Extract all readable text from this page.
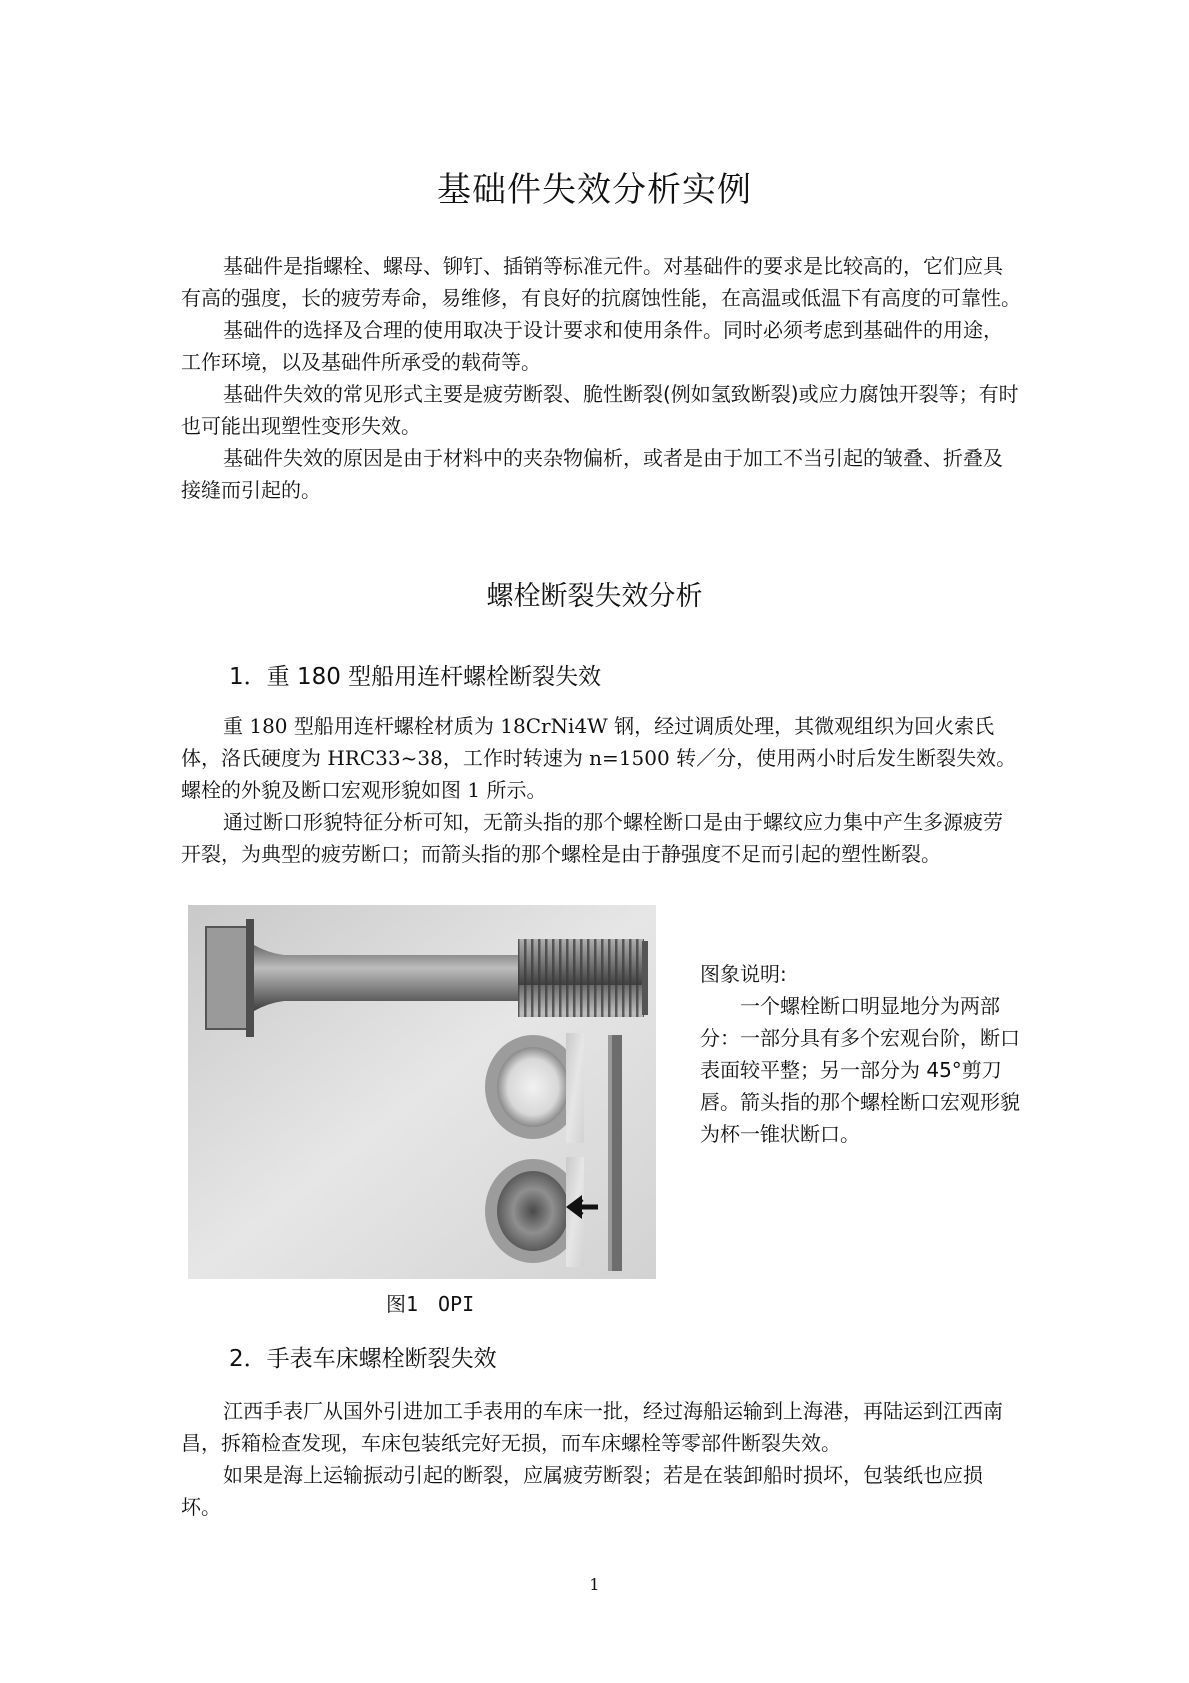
基础件失效分析实例

基础件是指螺栓、螺母、铆钉、插销等标准元件。对基础件的要求是比较高的，它们应具有高的强度，长的疲劳寿命，易维修，有良好的抗腐蚀性能，在高温或低温下有高度的可靠性。

基础件的选择及合理的使用取决于设计要求和使用条件。同时必须考虑到基础件的用途，工作环境，以及基础件所承受的载荷等。

基础件失效的常见形式主要是疲劳断裂、脆性断裂(例如氢致断裂)或应力腐蚀开裂等；有时也可能出现塑性变形失效。

基础件失效的原因是由于材料中的夹杂物偏析，或者是由于加工不当引起的皱叠、折叠及接缝而引起的。

螺栓断裂失效分析
1．重 180 型船用连杆螺栓断裂失效

重 180 型船用连杆螺栓材质为 18CrNi4W 钢，经过调质处理，其微观组织为回火索氏体，洛氏硬度为 HRC33~38，工作时转速为 n=1500 转／分，使用两小时后发生断裂失效。螺栓的外貌及断口宏观形貌如图 1 所示。

通过断口形貌特征分析可知，无箭头指的那个螺栓断口是由于螺纹应力集中产生多源疲劳开裂，为典型的疲劳断口；而箭头指的那个螺栓是由于静强度不足而引起的塑性断裂。

图1　OPI

图象说明:

一个螺栓断口明显地分为两部分：一部分具有多个宏观台阶，断口表面较平整；另一部分为 45°剪刀唇。箭头指的那个螺栓断口宏观形貌为杯一锥状断口。

2．手表车床螺栓断裂失效

江西手表厂从国外引进加工手表用的车床一批，经过海船运输到上海港，再陆运到江西南昌，拆箱检查发现，车床包装纸完好无损，而车床螺栓等零部件断裂失效。

如果是海上运输振动引起的断裂，应属疲劳断裂；若是在装卸船时损坏，包装纸也应损坏。

1
